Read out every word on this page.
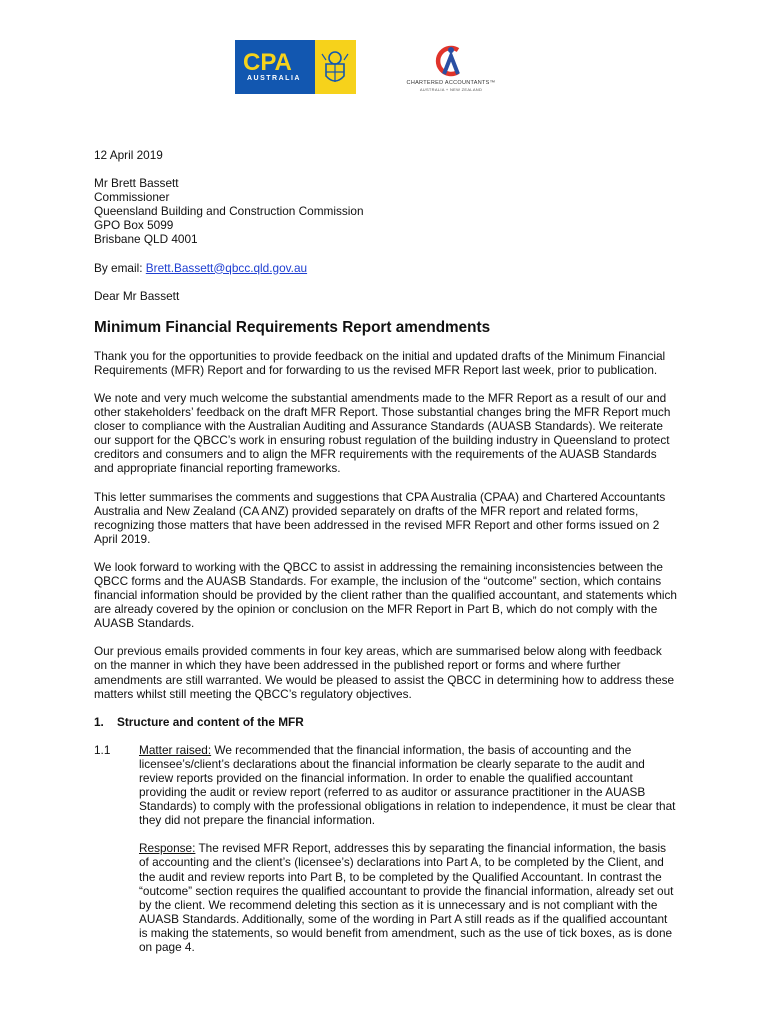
CPA
AUSTRALIA
CHARTERED ACCOUNTANTS™
AUSTRALIA + NEW ZEALAND

12 April 2019

Mr Brett Bassett

Commissioner

Queensland Building and Construction Commission

GPO Box 5099

Brisbane QLD 4001

By email: Brett.Bassett@qbcc.qld.gov.au

Dear Mr Bassett

Minimum Financial Requirements Report amendments

Thank you for the opportunities to provide feedback on the initial and updated drafts of the Minimum Financial Requirements (MFR) Report and for forwarding to us the revised MFR Report last week, prior to publication.

We note and very much welcome the substantial amendments made to the MFR Report as a result of our and other stakeholders’ feedback on the draft MFR Report. Those substantial changes bring the MFR Report much closer to compliance with the Australian Auditing and Assurance Standards (AUASB Standards). We reiterate our support for the QBCC’s work in ensuring robust regulation of the building industry in Queensland to protect creditors and consumers and to align the MFR requirements with the requirements of the AUASB Standards and appropriate financial reporting frameworks.

This letter summarises the comments and suggestions that CPA Australia (CPAA) and Chartered Accountants Australia and New Zealand (CA ANZ) provided separately on drafts of the MFR report and related forms, recognizing those matters that have been addressed in the revised MFR Report and other forms issued on 2 April 2019.

We look forward to working with the QBCC to assist in addressing the remaining inconsistencies between the QBCC forms and the AUASB Standards. For example, the inclusion of the “outcome” section, which contains financial information should be provided by the client rather than the qualified accountant, and statements which are already covered by the opinion or conclusion on the MFR Report in Part B, which do not comply with the AUASB Standards.

Our previous emails provided comments in four key areas, which are summarised below along with feedback on the manner in which they have been addressed in the published report or forms and where further amendments are still warranted. We would be pleased to assist the QBCC in determining how to address these matters whilst still meeting the QBCC’s regulatory objectives.

1.	Structure and content of the MFR
1.1	Matter raised: We recommended that the financial information, the basis of accounting and the licensee’s/client’s declarations about the financial information be clearly separate to the audit and review reports provided on the financial information. In order to enable the qualified accountant providing the audit or review report (referred to as auditor or assurance practitioner in the AUASB Standards) to comply with the professional obligations in relation to independence, it must be clear that they did not prepare the financial information.

Response: The revised MFR Report, addresses this by separating the financial information, the basis of accounting and the client’s (licensee’s) declarations into Part A, to be completed by the Client, and the audit and review reports into Part B, to be completed by the Qualified Accountant. In contrast the “outcome” section requires the qualified accountant to provide the financial information, already set out by the client. We recommend deleting this section as it is unnecessary and is not compliant with the AUASB Standards. Additionally, some of the wording in Part A still reads as if the qualified accountant is making the statements, so would benefit from amendment, such as the use of tick boxes, as is done on page 4.
